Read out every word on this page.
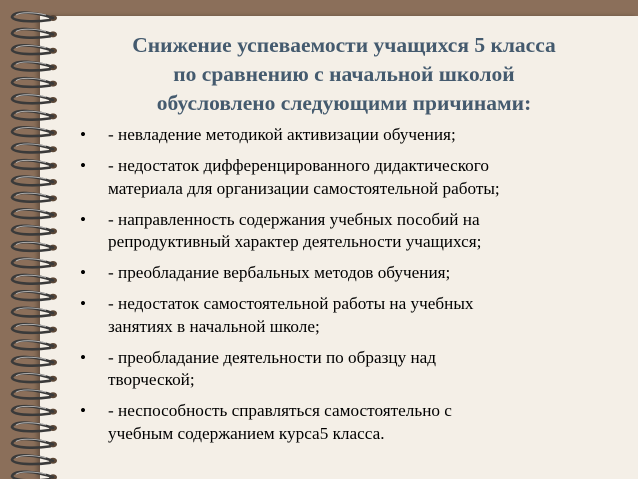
Снижение успеваемости учащихся 5 класса
по сравнению с начальной школой
обусловлено следующими причинами:
•	- невладение методикой активизации обучения;
•	- недостаток дифференцированного дидактического
материала для организации самостоятельной работы;
•	- направленность содержания учебных пособий на
репродуктивный характер деятельности учащихся;
•	- преобладание вербальных методов обучения;
•	- недостаток самостоятельной работы на учебных
занятиях в начальной школе;
•	- преобладание деятельности по образцу над
творческой;
•	- неспособность справляться самостоятельно с
учебным содержанием курса5 класса.
